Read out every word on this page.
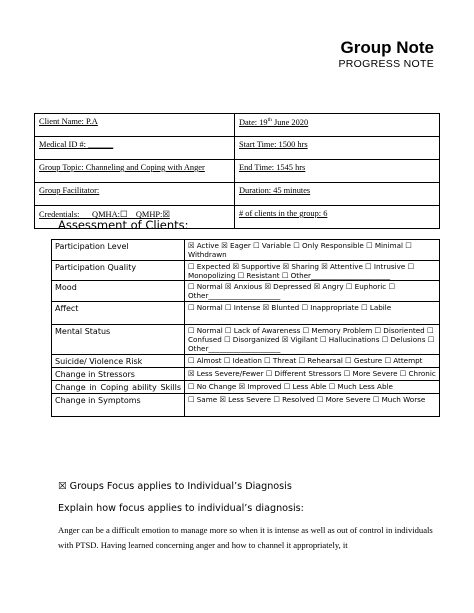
Group Note
PROGRESS NOTE
Client Name: P.A	Date: 19th June 2020
Medical ID #: ______	Start Time: 1500 hrs
Group Topic: Channeling and Coping with Anger	End Time: 1545 hrs
Group Facilitator:	Duration: 45 minutes
Credentials:      QMHA:☐    QMHP:☒	# of clients in the group: 6
Assessment of Clients:
Participation Level	☒ Active ☒ Eager ☐ Variable ☐ Only Responsible ☐ Minimal ☐ Withdrawn
Participation Quality	☐ Expected ☒ Supportive ☒ Sharing ☒ Attentive ☐ Intrusive ☐ Monopolizing ☐ Resistant ☐ Other______________________
Mood	☐ Normal ☒ Anxious ☒ Depressed ☒ Angry ☐ Euphoric ☐ Other____________________
Affect	☐ Normal ☐ Intense ☒ Blunted ☐ Inappropriate ☐ Labile
Mental Status	☐ Normal ☐ Lack of Awareness ☐ Memory Problem ☐ Disoriented ☐ Confused ☐ Disorganized ☒ Vigilant ☐ Hallucinations ☐ Delusions ☐ Other____________________
Suicide/ Violence Risk	☐ Almost ☐ Ideation ☐ Threat ☐ Rehearsal ☐ Gesture ☐ Attempt
Change in Stressors	☒ Less Severe/Fewer ☐ Different Stressors ☐ More Severe ☐ Chronic
Change in Coping ability Skills	☐ No Change ☒ Improved ☐ Less Able ☐ Much Less Able
Change in Symptoms	☐ Same ☒ Less Severe ☐ Resolved ☐ More Severe ☐ Much Worse
☒ Groups Focus applies to Individual’s Diagnosis
Explain how focus applies to individual’s diagnosis:
Anger can be a difficult emotion to manage more so when it is intense as well as out of control in individuals with PTSD. Having learned concerning anger and how to channel it appropriately, it
